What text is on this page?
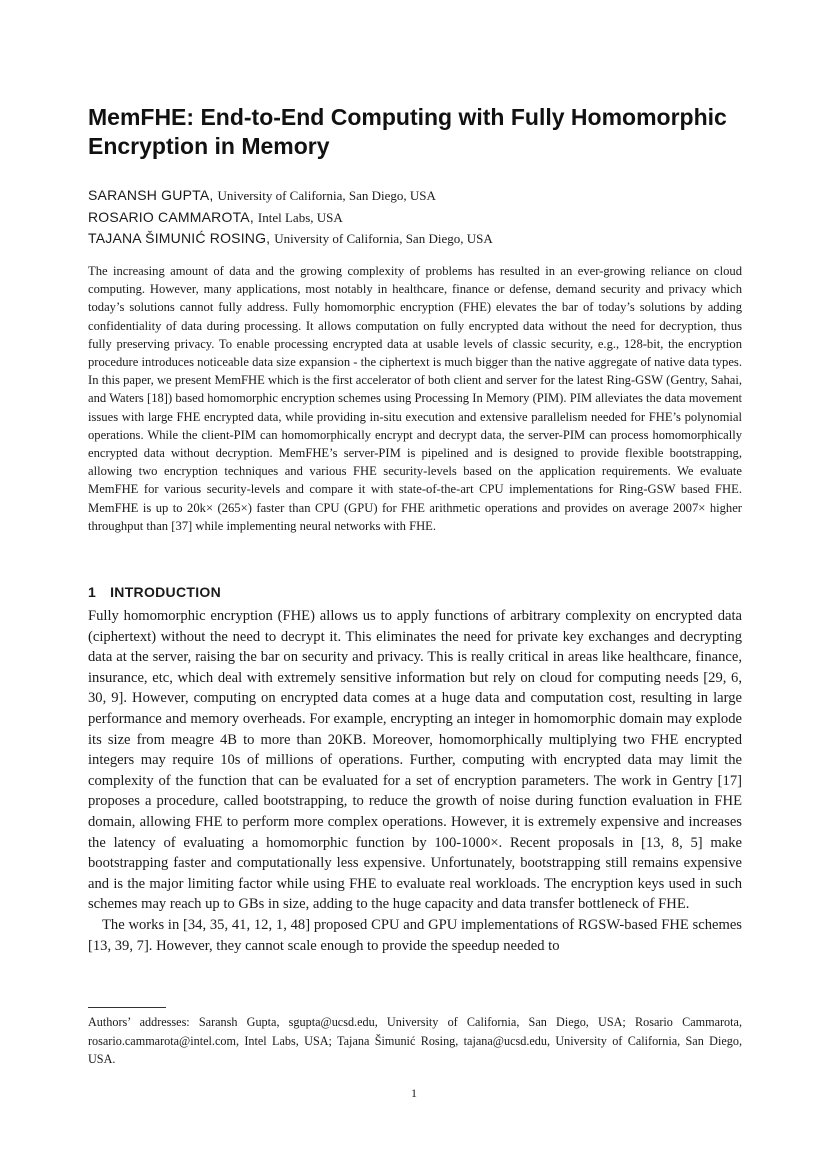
MemFHE: End-to-End Computing with Fully Homomorphic Encryption in Memory
SARANSH GUPTA, University of California, San Diego, USA
ROSARIO CAMMAROTA, Intel Labs, USA
TAJANA ŠIMUNIĆ ROSING, University of California, San Diego, USA

The increasing amount of data and the growing complexity of problems has resulted in an ever-growing reliance on cloud computing. However, many applications, most notably in healthcare, finance or defense, demand security and privacy which today’s solutions cannot fully address. Fully homomorphic encryption (FHE) elevates the bar of today’s solutions by adding confidentiality of data during processing. It allows computation on fully encrypted data without the need for decryption, thus fully preserving privacy. To enable processing encrypted data at usable levels of classic security, e.g., 128-bit, the encryption procedure introduces noticeable data size expansion - the ciphertext is much bigger than the native aggregate of native data types. In this paper, we present MemFHE which is the first accelerator of both client and server for the latest Ring-GSW (Gentry, Sahai, and Waters [18]) based homomorphic encryption schemes using Processing In Memory (PIM). PIM alleviates the data movement issues with large FHE encrypted data, while providing in-situ execution and extensive parallelism needed for FHE’s polynomial operations. While the client-PIM can homomorphically encrypt and decrypt data, the server-PIM can process homomorphically encrypted data without decryption. MemFHE’s server-PIM is pipelined and is designed to provide flexible bootstrapping, allowing two encryption techniques and various FHE security-levels based on the application requirements. We evaluate MemFHE for various security-levels and compare it with state-of-the-art CPU implementations for Ring-GSW based FHE. MemFHE is up to 20k× (265×) faster than CPU (GPU) for FHE arithmetic operations and provides on average 2007× higher throughput than [37] while implementing neural networks with FHE.

1 INTRODUCTION

Fully homomorphic encryption (FHE) allows us to apply functions of arbitrary complexity on encrypted data (ciphertext) without the need to decrypt it. This eliminates the need for private key exchanges and decrypting data at the server, raising the bar on security and privacy. This is really critical in areas like healthcare, finance, insurance, etc, which deal with extremely sensitive information but rely on cloud for computing needs [29, 6, 30, 9]. However, computing on encrypted data comes at a huge data and computation cost, resulting in large performance and memory overheads. For example, encrypting an integer in homomorphic domain may explode its size from meagre 4B to more than 20KB. Moreover, homomorphically multiplying two FHE encrypted integers may require 10s of millions of operations. Further, computing with encrypted data may limit the complexity of the function that can be evaluated for a set of encryption parameters. The work in Gentry [17] proposes a procedure, called bootstrapping, to reduce the growth of noise during function evaluation in FHE domain, allowing FHE to perform more complex operations. However, it is extremely expensive and increases the latency of evaluating a homomorphic function by 100-1000×. Recent proposals in [13, 8, 5] make bootstrapping faster and computationally less expensive. Unfortunately, bootstrapping still remains expensive and is the major limiting factor while using FHE to evaluate real workloads. The encryption keys used in such schemes may reach up to GBs in size, adding to the huge capacity and data transfer bottleneck of FHE.

The works in [34, 35, 41, 12, 1, 48] proposed CPU and GPU implementations of RGSW-based FHE schemes [13, 39, 7]. However, they cannot scale enough to provide the speedup needed to

Authors’ addresses: Saransh Gupta, sgupta@ucsd.edu, University of California, San Diego, USA; Rosario Cammarota, rosario.cammarota@intel.com, Intel Labs, USA; Tajana Šimunić Rosing, tajana@ucsd.edu, University of California, San Diego, USA.

1
